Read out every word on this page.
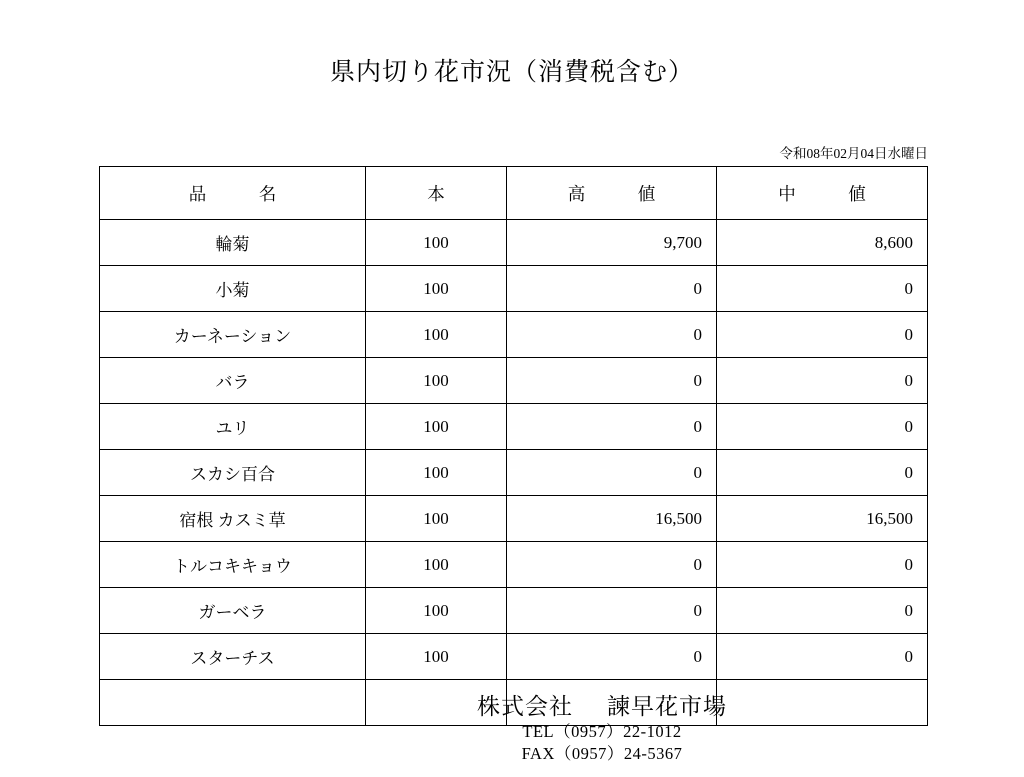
県内切り花市況（消費税含む）
令和08年02月04日水曜日
品　　　名	本	高　　　値	中　　　値
輪菊	100	9,700	8,600
小菊	100	0	0
カーネーション	100	0	0
バラ	100	0	0
ユリ	100	0	0
スカシ百合	100	0	0
宿根 カスミ草	100	16,500	16,500
トルコキキョウ	100	0	0
ガーベラ	100	0	0
スターチス	100	0	0

株式会社 諫早花市場
TEL（0957）22-1012
FAX（0957）24-5367
